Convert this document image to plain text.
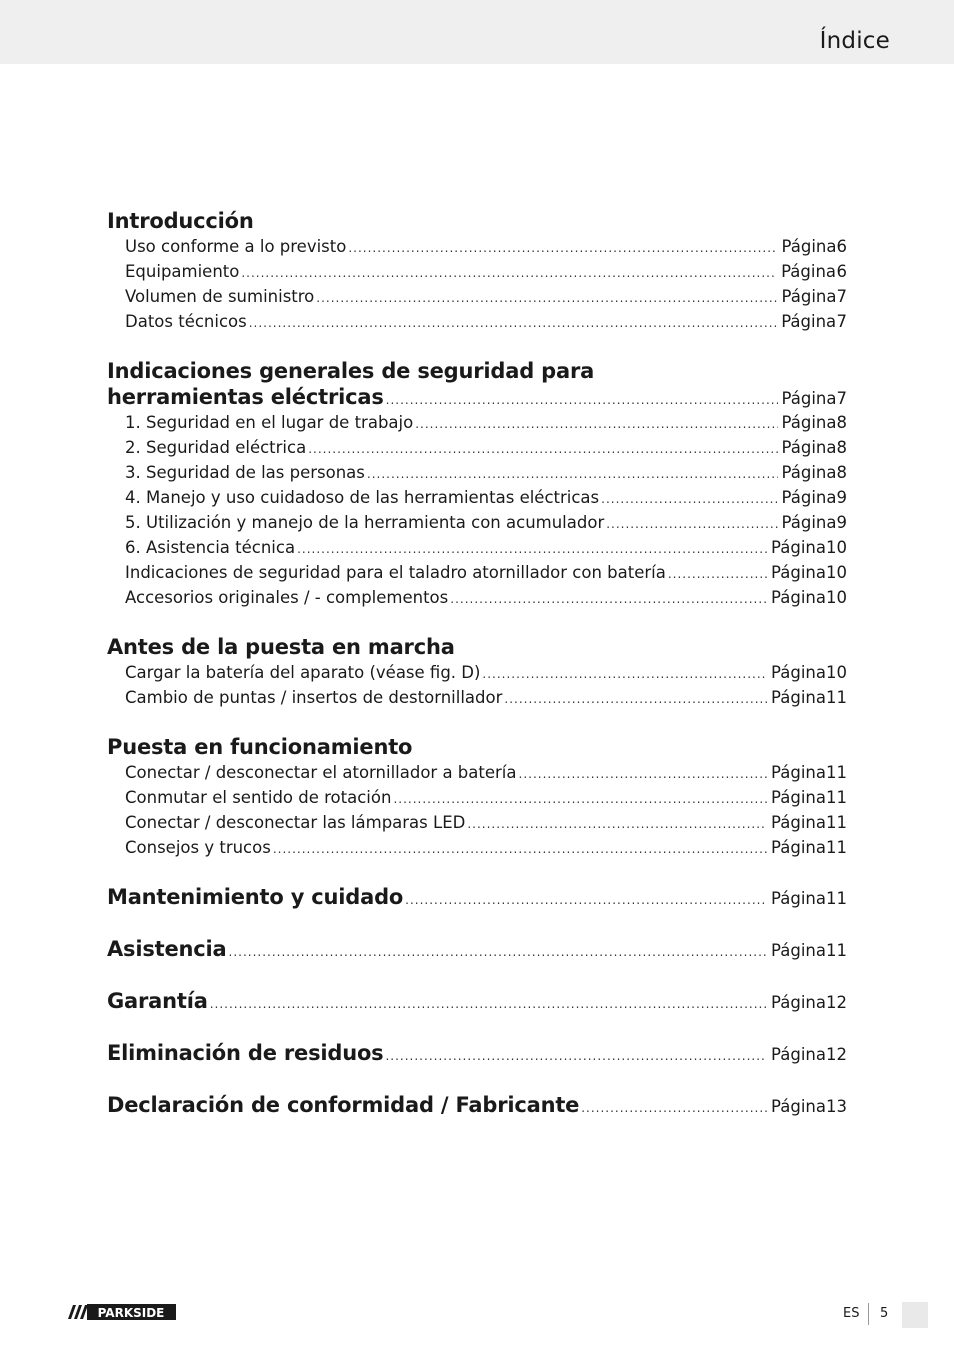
Índice
Introducción
Uso conforme a lo previsto .....	Página 6
Equipamiento .....	Página 6
Volumen de suministro .....	Página 7
Datos técnicos .....	Página 7
Indicaciones generales de seguridad para
herramientas eléctricas .....	Página 7
1. Seguridad en el lugar de trabajo .....	Página 8
2. Seguridad eléctrica .....	Página 8
3. Seguridad de las personas .....	Página 8
4. Manejo y uso cuidadoso de las herramientas eléctricas .....	Página 9
5. Utilización y manejo de la herramienta con acumulador .....	Página 9
6. Asistencia técnica .....	Página 10
Indicaciones de seguridad para el taladro atornillador con batería .....	Página 10
Accesorios originales / - complementos .....	Página 10
Antes de la puesta en marcha
Cargar la batería del aparato (véase fig. D) .....	Página 10
Cambio de puntas / insertos de destornillador .....	Página 11
Puesta en funcionamiento
Conectar / desconectar el atornillador a batería .....	Página 11
Conmutar el sentido de rotación .....	Página 11
Conectar / desconectar las lámparas LED .....	Página 11
Consejos y trucos .....	Página 11
Mantenimiento y cuidado .....	Página 11
Asistencia .....	Página 11
Garantía .....	Página 12
Eliminación de residuos .....	Página 12
Declaración de conformidad / Fabricante .....	Página 13
PARKSIDE	ES 5
